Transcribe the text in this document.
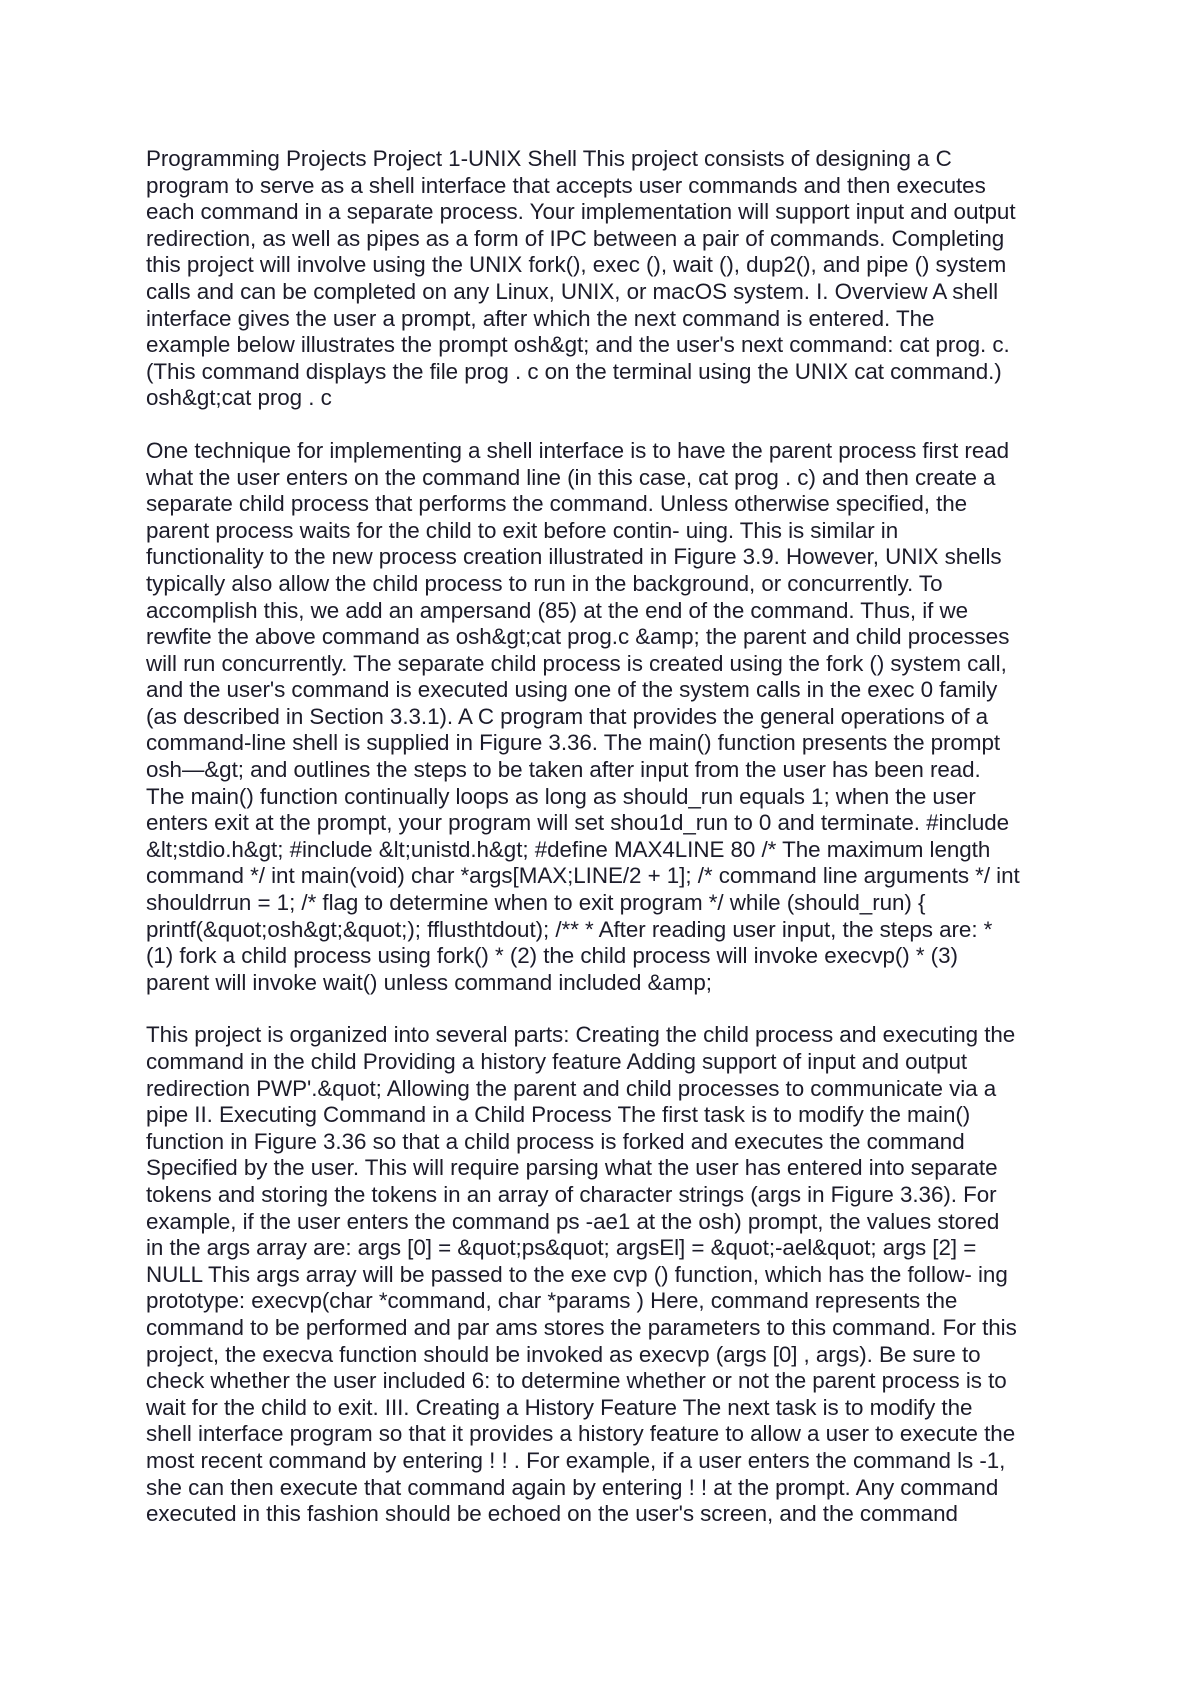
Programming Projects Project 1-UNIX Shell This project consists of designing a C
program to serve as a shell interface that accepts user commands and then executes
each command in a separate process. Your implementation will support input and output
redirection, as well as pipes as a form of IPC between a pair of commands. Completing
this project will involve using the UNIX fork(), exec (), wait (), dup2(), and pipe () system
calls and can be completed on any Linux, UNIX, or macOS system. I. Overview A shell
interface gives the user a prompt, after which the next command is entered. The
example below illustrates the prompt osh&gt; and the user's next command: cat prog. c.
(This command displays the file prog . c on the terminal using the UNIX cat command.)
osh&gt;cat prog . c

One technique for implementing a shell interface is to have the parent process first read
what the user enters on the command line (in this case, cat prog . c) and then create a
separate child process that performs the command. Unless otherwise specified, the
parent process waits for the child to exit before contin- uing. This is similar in
functionality to the new process creation illustrated in Figure 3.9. However, UNIX shells
typically also allow the child process to run in the background, or concurrently. To
accomplish this, we add an ampersand (85) at the end of the command. Thus, if we
rewfite the above command as osh&gt;cat prog.c &amp; the parent and child processes
will run concurrently. The separate child process is created using the fork () system call,
and the user's command is executed using one of the system calls in the exec 0 family
(as described in Section 3.3.1). A C program that provides the general operations of a
command-line shell is supplied in Figure 3.36. The main() function presents the prompt
osh—&gt; and outlines the steps to be taken after input from the user has been read.
The main() function continually loops as long as should_run equals 1; when the user
enters exit at the prompt, your program will set shou1d_run to 0 and terminate. #include
&lt;stdio.h&gt; #include &lt;unistd.h&gt; #define MAX4LINE 80 /* The maximum length
command */ int main(void) char *args[MAX;LINE/2 + 1]; /* command line arguments */ int
shouldrrun = 1; /* flag to determine when to exit program */ while (should_run) {
printf(&quot;osh&gt;&quot;); fflusthtdout); /** * After reading user input, the steps are: *
(1) fork a child process using fork() * (2) the child process will invoke execvp() * (3)
parent will invoke wait() unless command included &amp;

This project is organized into several parts: Creating the child process and executing the
command in the child Providing a history feature Adding support of input and output
redirection PWP'.&quot; Allowing the parent and child processes to communicate via a
pipe II. Executing Command in a Child Process The first task is to modify the main()
function in Figure 3.36 so that a child process is forked and executes the command
Specified by the user. This will require parsing what the user has entered into separate
tokens and storing the tokens in an array of character strings (args in Figure 3.36). For
example, if the user enters the command ps -ae1 at the osh) prompt, the values stored
in the args array are: args [0] = &quot;ps&quot; argsEl] = &quot;-ael&quot; args [2] =
NULL This args array will be passed to the exe cvp () function, which has the follow- ing
prototype: execvp(char *command, char *params ) Here, command represents the
command to be performed and par ams stores the parameters to this command. For this
project, the execva function should be invoked as execvp (args [0] , args). Be sure to
check whether the user included 6: to determine whether or not the parent process is to
wait for the child to exit. III. Creating a History Feature The next task is to modify the
shell interface program so that it provides a history feature to allow a user to execute the
most recent command by entering ! ! . For example, if a user enters the command ls -1,
she can then execute that command again by entering ! ! at the prompt. Any command
executed in this fashion should be echoed on the user's screen, and the command
